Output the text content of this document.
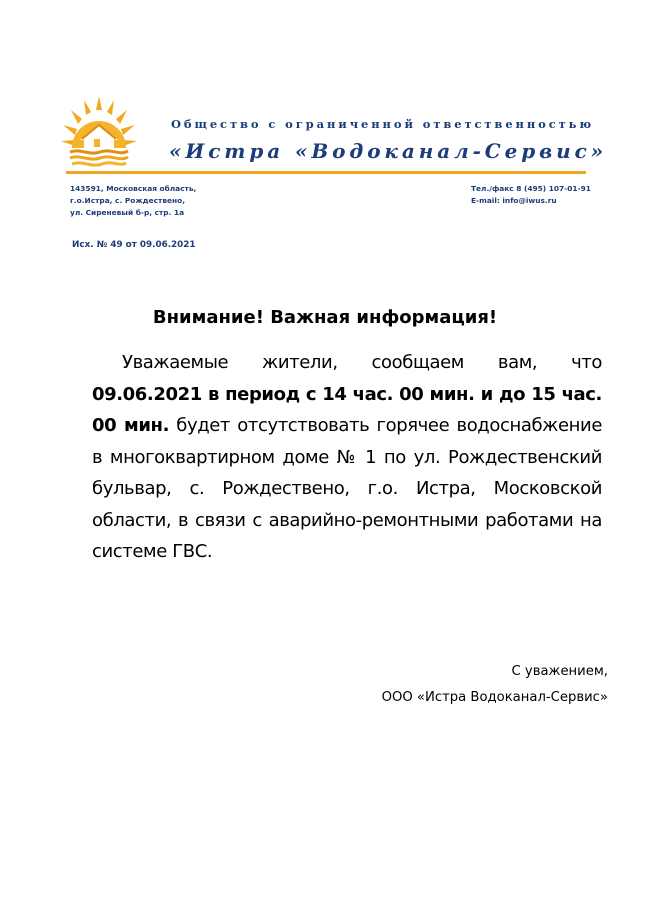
Общество с ограниченной ответственностью
«Истра «Водоканал-Сервис»
143591, Московская область,
г.о.Истра, с. Рождествено,
ул. Сиреневый б-р, стр. 1а
Тел./факс 8 (495) 107-01-91
E-mail: info@iwus.ru
Исх. № 49 от 09.06.2021
Внимание! Важная информация!
Уважаемые жители, сообщаем вам, что 09.06.2021 в период с 14 час. 00 мин. и до 15 час. 00 мин. будет отсутствовать горячее водоснабжение в многоквартирном доме № 1 по ул. Рождественский бульвар, с. Рождествено, г.о. Истра, Московской области, в связи с аварийно-ремонтными работами на системе ГВС.
С уважением,
ООО «Истра Водоканал-Сервис»
